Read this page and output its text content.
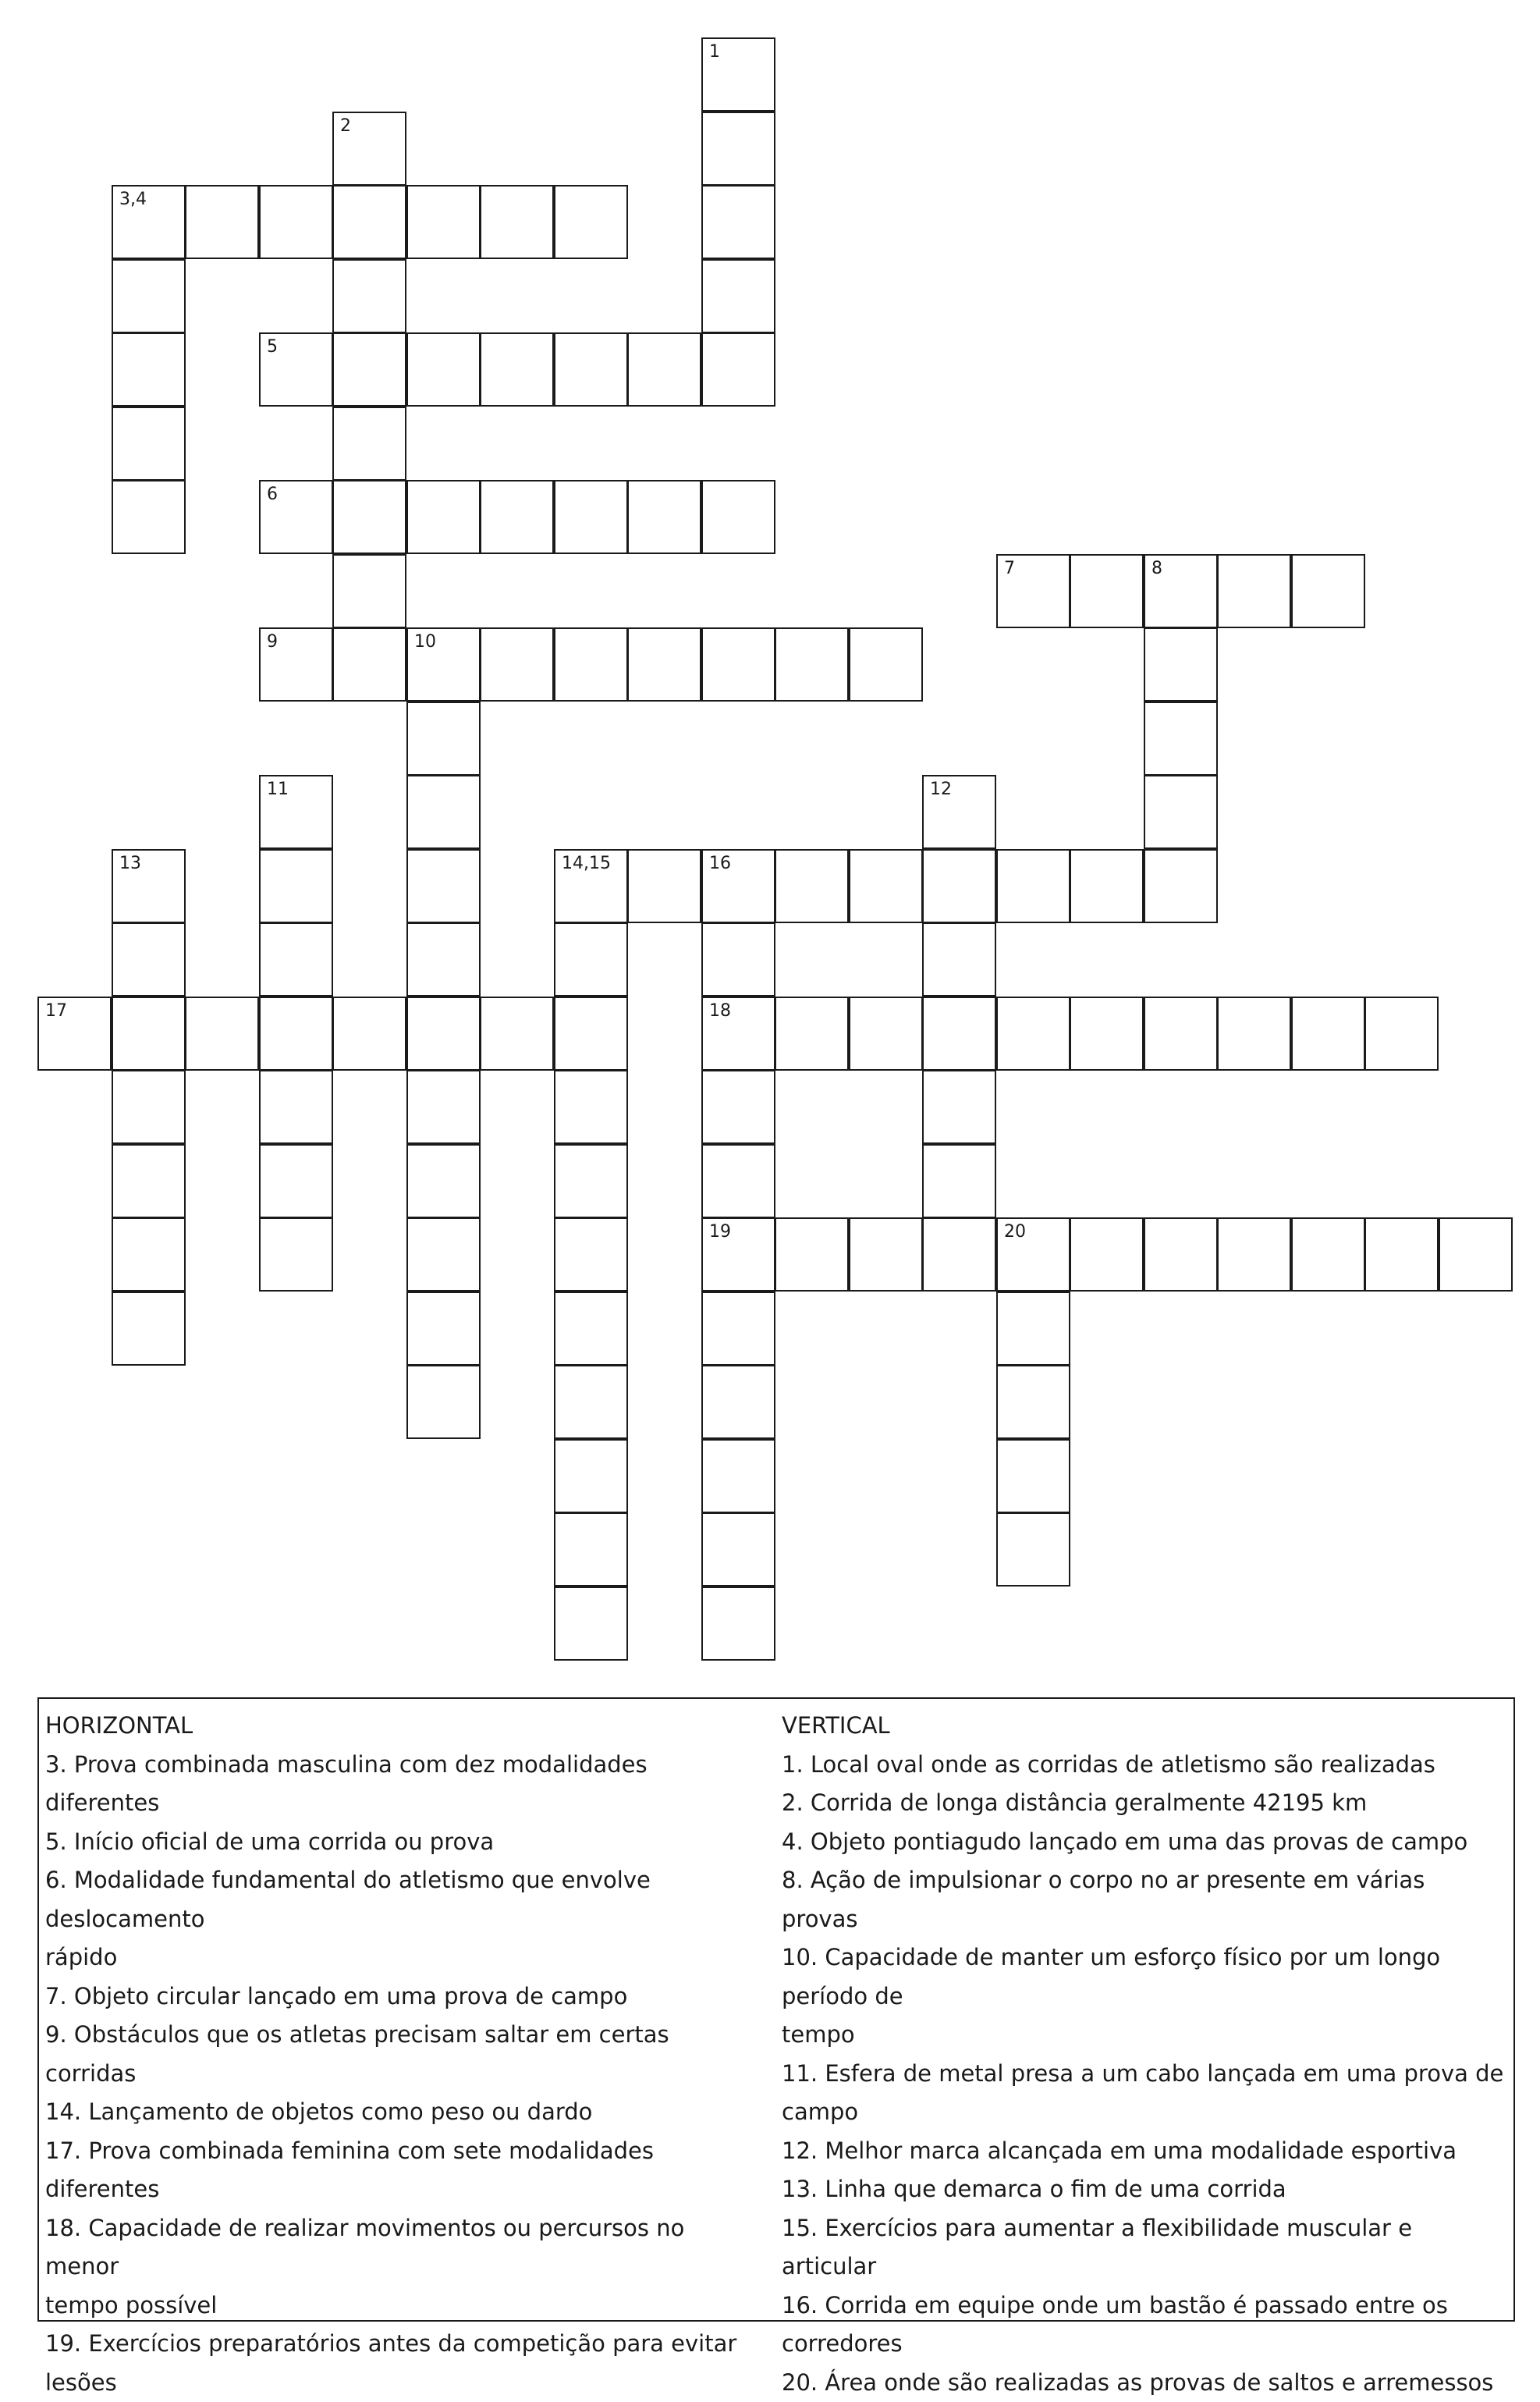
1
2
3,4
5
6
7	8
9	10
11	12
13	14,15	16
18
19
17
20
HORIZONTAL
3. Prova combinada masculina com dez modalidades diferentes
5. Início oficial de uma corrida ou prova
6. Modalidade fundamental do atletismo que envolve deslocamento
rápido
7. Objeto circular lançado em uma prova de campo
9. Obstáculos que os atletas precisam saltar em certas corridas
14. Lançamento de objetos como peso ou dardo
17. Prova combinada feminina com sete modalidades diferentes
18. Capacidade de realizar movimentos ou percursos no menor
tempo possível
19. Exercícios preparatórios antes da competição para evitar lesões
VERTICAL
1. Local oval onde as corridas de atletismo são realizadas
2. Corrida de longa distância geralmente 42195 km
4. Objeto pontiagudo lançado em uma das provas de campo
8. Ação de impulsionar o corpo no ar presente em várias provas
10. Capacidade de manter um esforço físico por um longo período de
tempo
11. Esfera de metal presa a um cabo lançada em uma prova de
campo
12. Melhor marca alcançada em uma modalidade esportiva
13. Linha que demarca o fim de uma corrida
15. Exercícios para aumentar a flexibilidade muscular e articular
16. Corrida em equipe onde um bastão é passado entre os
corredores
20. Área onde são realizadas as provas de saltos e arremessos
